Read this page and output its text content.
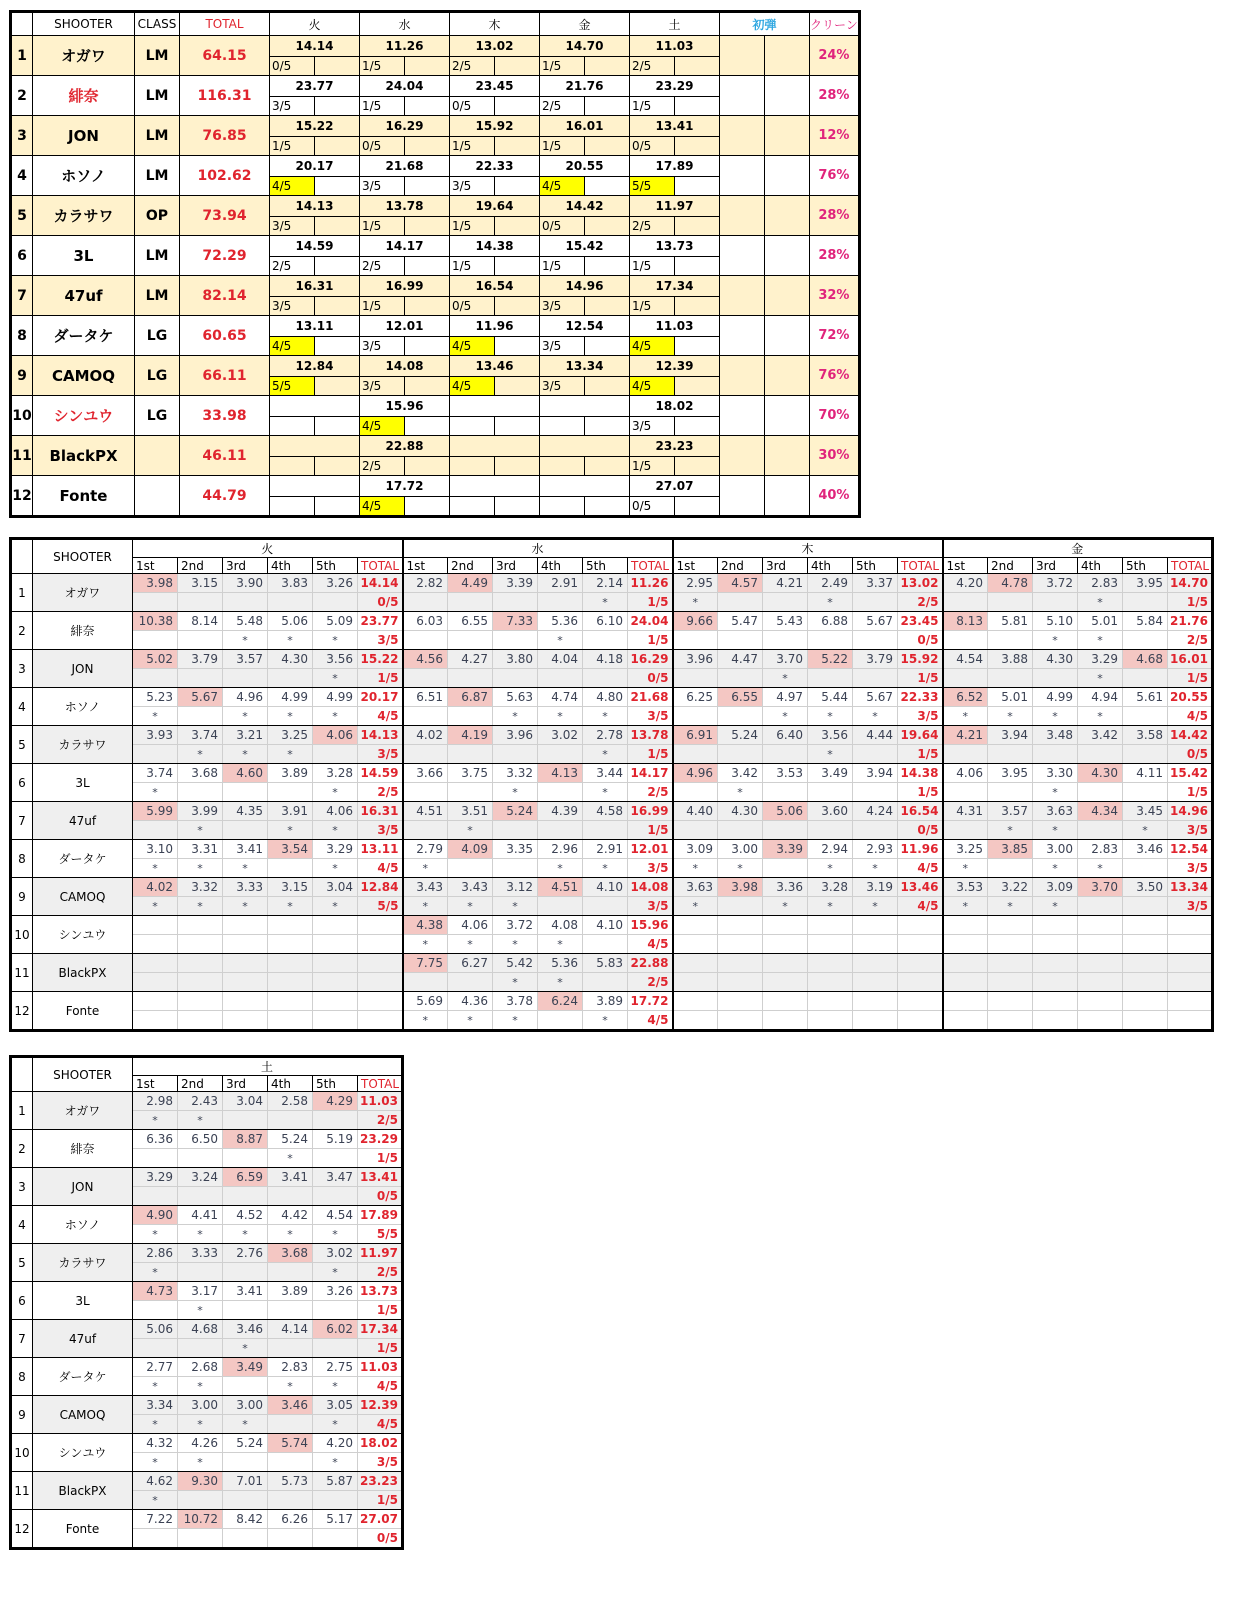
	SHOOTER	CLASS	TOTAL	火		水		木		金		土		初弾		クリーン
1	オガワ	LM	64.15	14.14		11.26		13.02		14.70		11.03				24%
				0/5		1/5		2/5		1/5		2/5				
2	緋奈	LM	116.31	23.77		24.04		23.45		21.76		23.29				28%
				3/5		1/5		0/5		2/5		1/5				
3	JON	LM	76.85	15.22		16.29		15.92		16.01		13.41				12%
				1/5		0/5		1/5		1/5		0/5				
4	ホソノ	LM	102.62	20.17		21.68		22.33		20.55		17.89				76%
				4/5		3/5		3/5		4/5		5/5				
5	カラサワ	OP	73.94	14.13		13.78		19.64		14.42		11.97				28%
				3/5		1/5		1/5		0/5		2/5				
6	3L	LM	72.29	14.59		14.17		14.38		15.42		13.73				28%
				2/5		2/5		1/5		1/5		1/5				
7	47uf	LM	82.14	16.31		16.99		16.54		14.96		17.34				32%
				3/5		1/5		0/5		3/5		1/5				
8	ダータケ	LG	60.65	13.11		12.01		11.96		12.54		11.03				72%
				4/5		3/5		4/5		3/5		4/5				
9	CAMOQ	LG	66.11	12.84		14.08		13.46		13.34		12.39				76%
				5/5		3/5		4/5		3/5		4/5				
10	シンユウ	LG	33.98			15.96						18.02				70%
						4/5						3/5				
11	BlackPX		46.11			22.88						23.23				30%
						2/5						1/5				
12	Fonte		44.79			17.72						27.07				40%
						4/5						0/5				
	SHOOTER	火						水						木						金					
		1st	2nd	3rd	4th	5th	TOTAL	1st	2nd	3rd	4th	5th	TOTAL	1st	2nd	3rd	4th	5th	TOTAL	1st	2nd	3rd	4th	5th	TOTAL
1	オガワ	3.98	3.15	3.90	3.83	3.26	14.14	2.82	4.49	3.39	2.91	2.14	11.26	2.95	4.57	4.21	2.49	3.37	13.02	4.20	4.78	3.72	2.83	3.95	14.70
							0/5					*	1/5	*			*		2/5				*		1/5
2	緋奈	10.38	8.14	5.48	5.06	5.09	23.77	6.03	6.55	7.33	5.36	6.10	24.04	9.66	5.47	5.43	6.88	5.67	23.45	8.13	5.81	5.10	5.01	5.84	21.76
				*	*	*	3/5				*		1/5						0/5			*	*		2/5
3	JON	5.02	3.79	3.57	4.30	3.56	15.22	4.56	4.27	3.80	4.04	4.18	16.29	3.96	4.47	3.70	5.22	3.79	15.92	4.54	3.88	4.30	3.29	4.68	16.01
						*	1/5						0/5			*			1/5				*		1/5
4	ホソノ	5.23	5.67	4.96	4.99	4.99	20.17	6.51	6.87	5.63	4.74	4.80	21.68	6.25	6.55	4.97	5.44	5.67	22.33	6.52	5.01	4.99	4.94	5.61	20.55
		*		*	*	*	4/5			*	*	*	3/5			*	*	*	3/5	*	*	*	*		4/5
5	カラサワ	3.93	3.74	3.21	3.25	4.06	14.13	4.02	4.19	3.96	3.02	2.78	13.78	6.91	5.24	6.40	3.56	4.44	19.64	4.21	3.94	3.48	3.42	3.58	14.42
			*	*	*		3/5					*	1/5				*		1/5						0/5
6	3L	3.74	3.68	4.60	3.89	3.28	14.59	3.66	3.75	3.32	4.13	3.44	14.17	4.96	3.42	3.53	3.49	3.94	14.38	4.06	3.95	3.30	4.30	4.11	15.42
		*				*	2/5			*		*	2/5		*				1/5			*			1/5
7	47uf	5.99	3.99	4.35	3.91	4.06	16.31	4.51	3.51	5.24	4.39	4.58	16.99	4.40	4.30	5.06	3.60	4.24	16.54	4.31	3.57	3.63	4.34	3.45	14.96
			*		*	*	3/5		*				1/5						0/5		*	*		*	3/5
8	ダータケ	3.10	3.31	3.41	3.54	3.29	13.11	2.79	4.09	3.35	2.96	2.91	12.01	3.09	3.00	3.39	2.94	2.93	11.96	3.25	3.85	3.00	2.83	3.46	12.54
		*	*	*		*	4/5	*			*	*	3/5	*	*		*	*	4/5	*		*	*		3/5
9	CAMOQ	4.02	3.32	3.33	3.15	3.04	12.84	3.43	3.43	3.12	4.51	4.10	14.08	3.63	3.98	3.36	3.28	3.19	13.46	3.53	3.22	3.09	3.70	3.50	13.34
		*	*	*	*	*	5/5	*	*	*			3/5	*		*	*	*	4/5	*	*	*			3/5
10	シンユウ							4.38	4.06	3.72	4.08	4.10	15.96												
								*	*	*	*		4/5												
11	BlackPX							7.75	6.27	5.42	5.36	5.83	22.88												
										*	*		2/5												
12	Fonte							5.69	4.36	3.78	6.24	3.89	17.72												
								*	*	*		*	4/5												
	SHOOTER	土					
		1st	2nd	3rd	4th	5th	TOTAL
1	オガワ	2.98	2.43	3.04	2.58	4.29	11.03
		*	*				2/5
2	緋奈	6.36	6.50	8.87	5.24	5.19	23.29
					*		1/5
3	JON	3.29	3.24	6.59	3.41	3.47	13.41
							0/5
4	ホソノ	4.90	4.41	4.52	4.42	4.54	17.89
		*	*	*	*	*	5/5
5	カラサワ	2.86	3.33	2.76	3.68	3.02	11.97
		*				*	2/5
6	3L	4.73	3.17	3.41	3.89	3.26	13.73
			*				1/5
7	47uf	5.06	4.68	3.46	4.14	6.02	17.34
				*			1/5
8	ダータケ	2.77	2.68	3.49	2.83	2.75	11.03
		*	*		*	*	4/5
9	CAMOQ	3.34	3.00	3.00	3.46	3.05	12.39
		*	*	*		*	4/5
10	シンユウ	4.32	4.26	5.24	5.74	4.20	18.02
		*	*			*	3/5
11	BlackPX	4.62	9.30	7.01	5.73	5.87	23.23
		*					1/5
12	Fonte	7.22	10.72	8.42	6.26	5.17	27.07
							0/5
